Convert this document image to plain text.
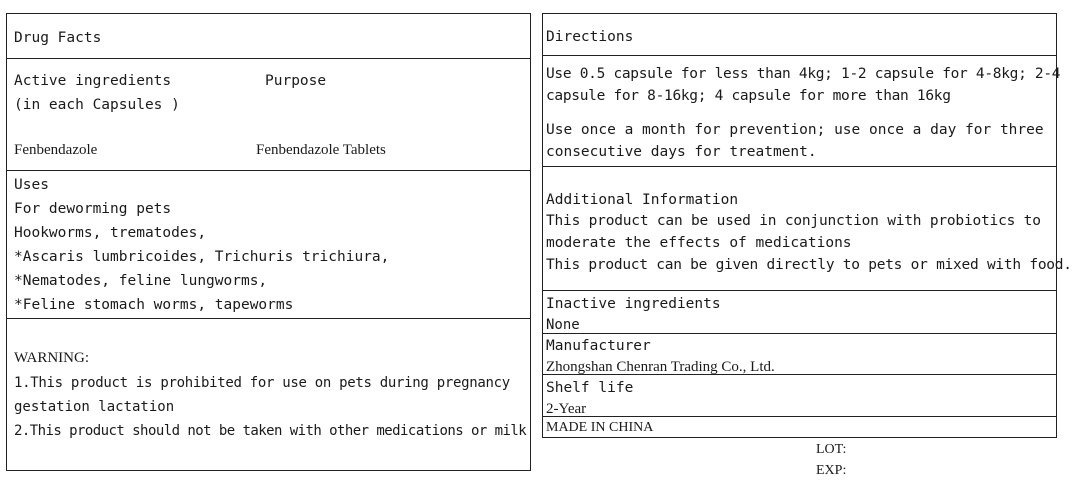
Drug Facts
Active ingredients
(in each Capsules )
Purpose
Fenbendazole	Fenbendazole Tablets
Uses
For deworming pets
Hookworms, trematodes,
*Ascaris lumbricoides, Trichuris trichiura,
*Nematodes, feline lungworms,
*Feline stomach worms, tapeworms
WARNING:
1.This product is prohibited for use on pets during pregnancy
gestation lactation
2.This product should not be taken with other medications or milk
Directions
Use 0.5 capsule for less than 4kg; 1-2 capsule for 4-8kg; 2-4
capsule for 8-16kg; 4 capsule for more than 16kg
Use once a month for prevention; use once a day for three
consecutive days for treatment.
Additional Information
This product can be used in conjunction with probiotics to
moderate the effects of medications
This product can be given directly to pets or mixed with food.
Inactive ingredients
None
Manufacturer
Zhongshan Chenran Trading Co., Ltd.
Shelf life
2-Year
MADE IN CHINA
LOT:
EXP:
